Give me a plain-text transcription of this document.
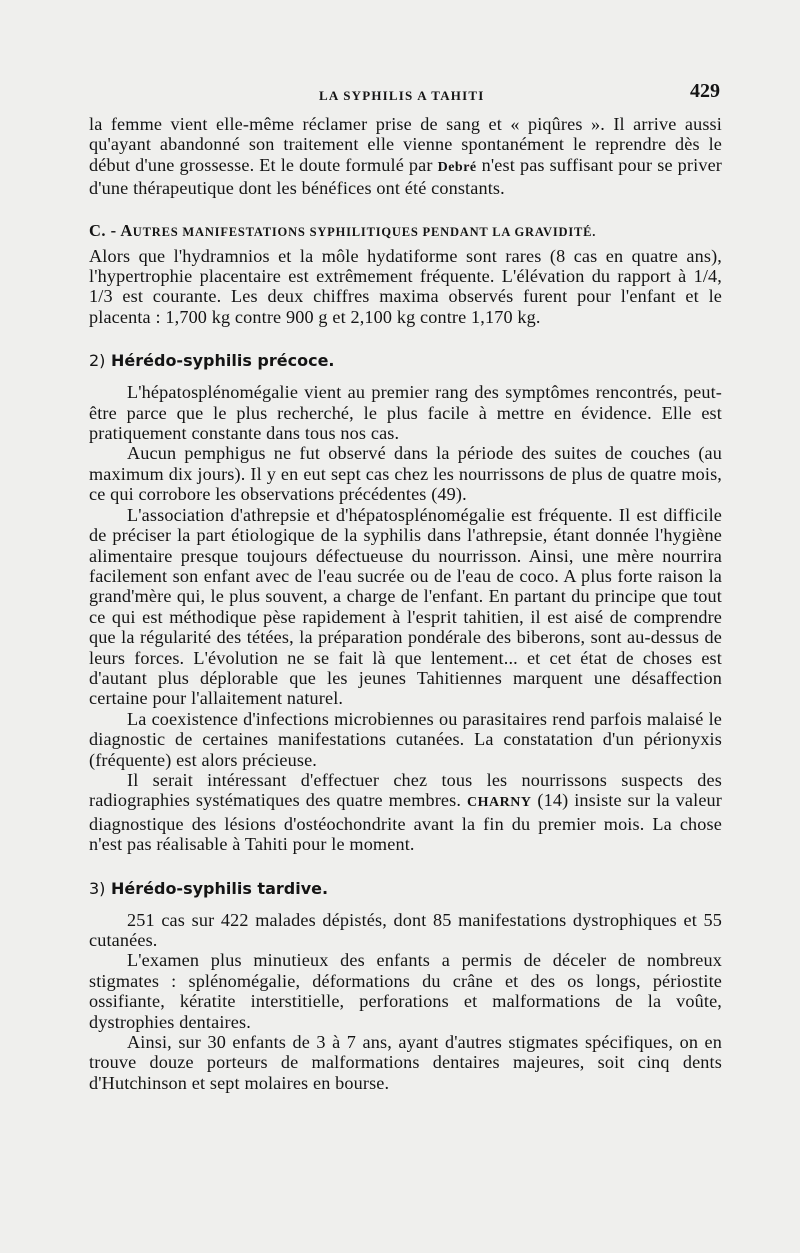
LA SYPHILIS A TAHITI	429

la femme vient elle-même réclamer prise de sang et « piqûres ». Il arrive aussi qu'ayant abandonné son traitement elle vienne spontanément le reprendre dès le début d'une grossesse. Et le doute formulé par Debré n'est pas suffisant pour se priver d'une thérapeutique dont les bénéfices ont été constants.

C. - AUTRES MANIFESTATIONS SYPHILITIQUES PENDANT LA GRAVIDITÉ.

Alors que l'hydramnios et la môle hydatiforme sont rares (8 cas en quatre ans), l'hypertrophie placentaire est extrêmement fréquente. L'élévation du rapport à 1/4, 1/3 est courante. Les deux chiffres maxima observés furent pour l'enfant et le placenta : 1,700 kg contre 900 g et 2,100 kg contre 1,170 kg.

2) Hérédo-syphilis précoce.

L'hépatosplénomégalie vient au premier rang des symptômes rencontrés, peut-être parce que le plus recherché, le plus facile à mettre en évidence. Elle est pratiquement constante dans tous nos cas.

Aucun pemphigus ne fut observé dans la période des suites de couches (au maximum dix jours). Il y en eut sept cas chez les nourrissons de plus de quatre mois, ce qui corrobore les observations précédentes (49).

L'association d'athrepsie et d'hépatosplénomégalie est fréquente. Il est difficile de préciser la part étiologique de la syphilis dans l'athrepsie, étant donnée l'hygiène alimentaire presque toujours défectueuse du nourrisson. Ainsi, une mère nourrira facilement son enfant avec de l'eau sucrée ou de l'eau de coco. A plus forte raison la grand'mère qui, le plus souvent, a charge de l'enfant. En partant du principe que tout ce qui est méthodique pèse rapidement à l'esprit tahitien, il est aisé de comprendre que la régularité des tétées, la préparation pondérale des biberons, sont au-dessus de leurs forces. L'évolution ne se fait là que lentement... et cet état de choses est d'autant plus déplorable que les jeunes Tahitiennes marquent une désaffection certaine pour l'allaitement naturel.

La coexistence d'infections microbiennes ou parasitaires rend parfois malaisé le diagnostic de certaines manifestations cutanées. La constatation d'un périonyxis (fréquente) est alors précieuse.

Il serait intéressant d'effectuer chez tous les nourrissons suspects des radiographies systématiques des quatre membres. CHARNY (14) insiste sur la valeur diagnostique des lésions d'ostéochondrite avant la fin du premier mois. La chose n'est pas réalisable à Tahiti pour le moment.

3) Hérédo-syphilis tardive.

251 cas sur 422 malades dépistés, dont 85 manifestations dystrophiques et 55 cutanées.

L'examen plus minutieux des enfants a permis de déceler de nombreux stigmates : splénomégalie, déformations du crâne et des os longs, périostite ossifiante, kératite interstitielle, perforations et malformations de la voûte, dystrophies dentaires.

Ainsi, sur 30 enfants de 3 à 7 ans, ayant d'autres stigmates spécifiques, on en trouve douze porteurs de malformations dentaires majeures, soit cinq dents d'Hutchinson et sept molaires en bourse.
